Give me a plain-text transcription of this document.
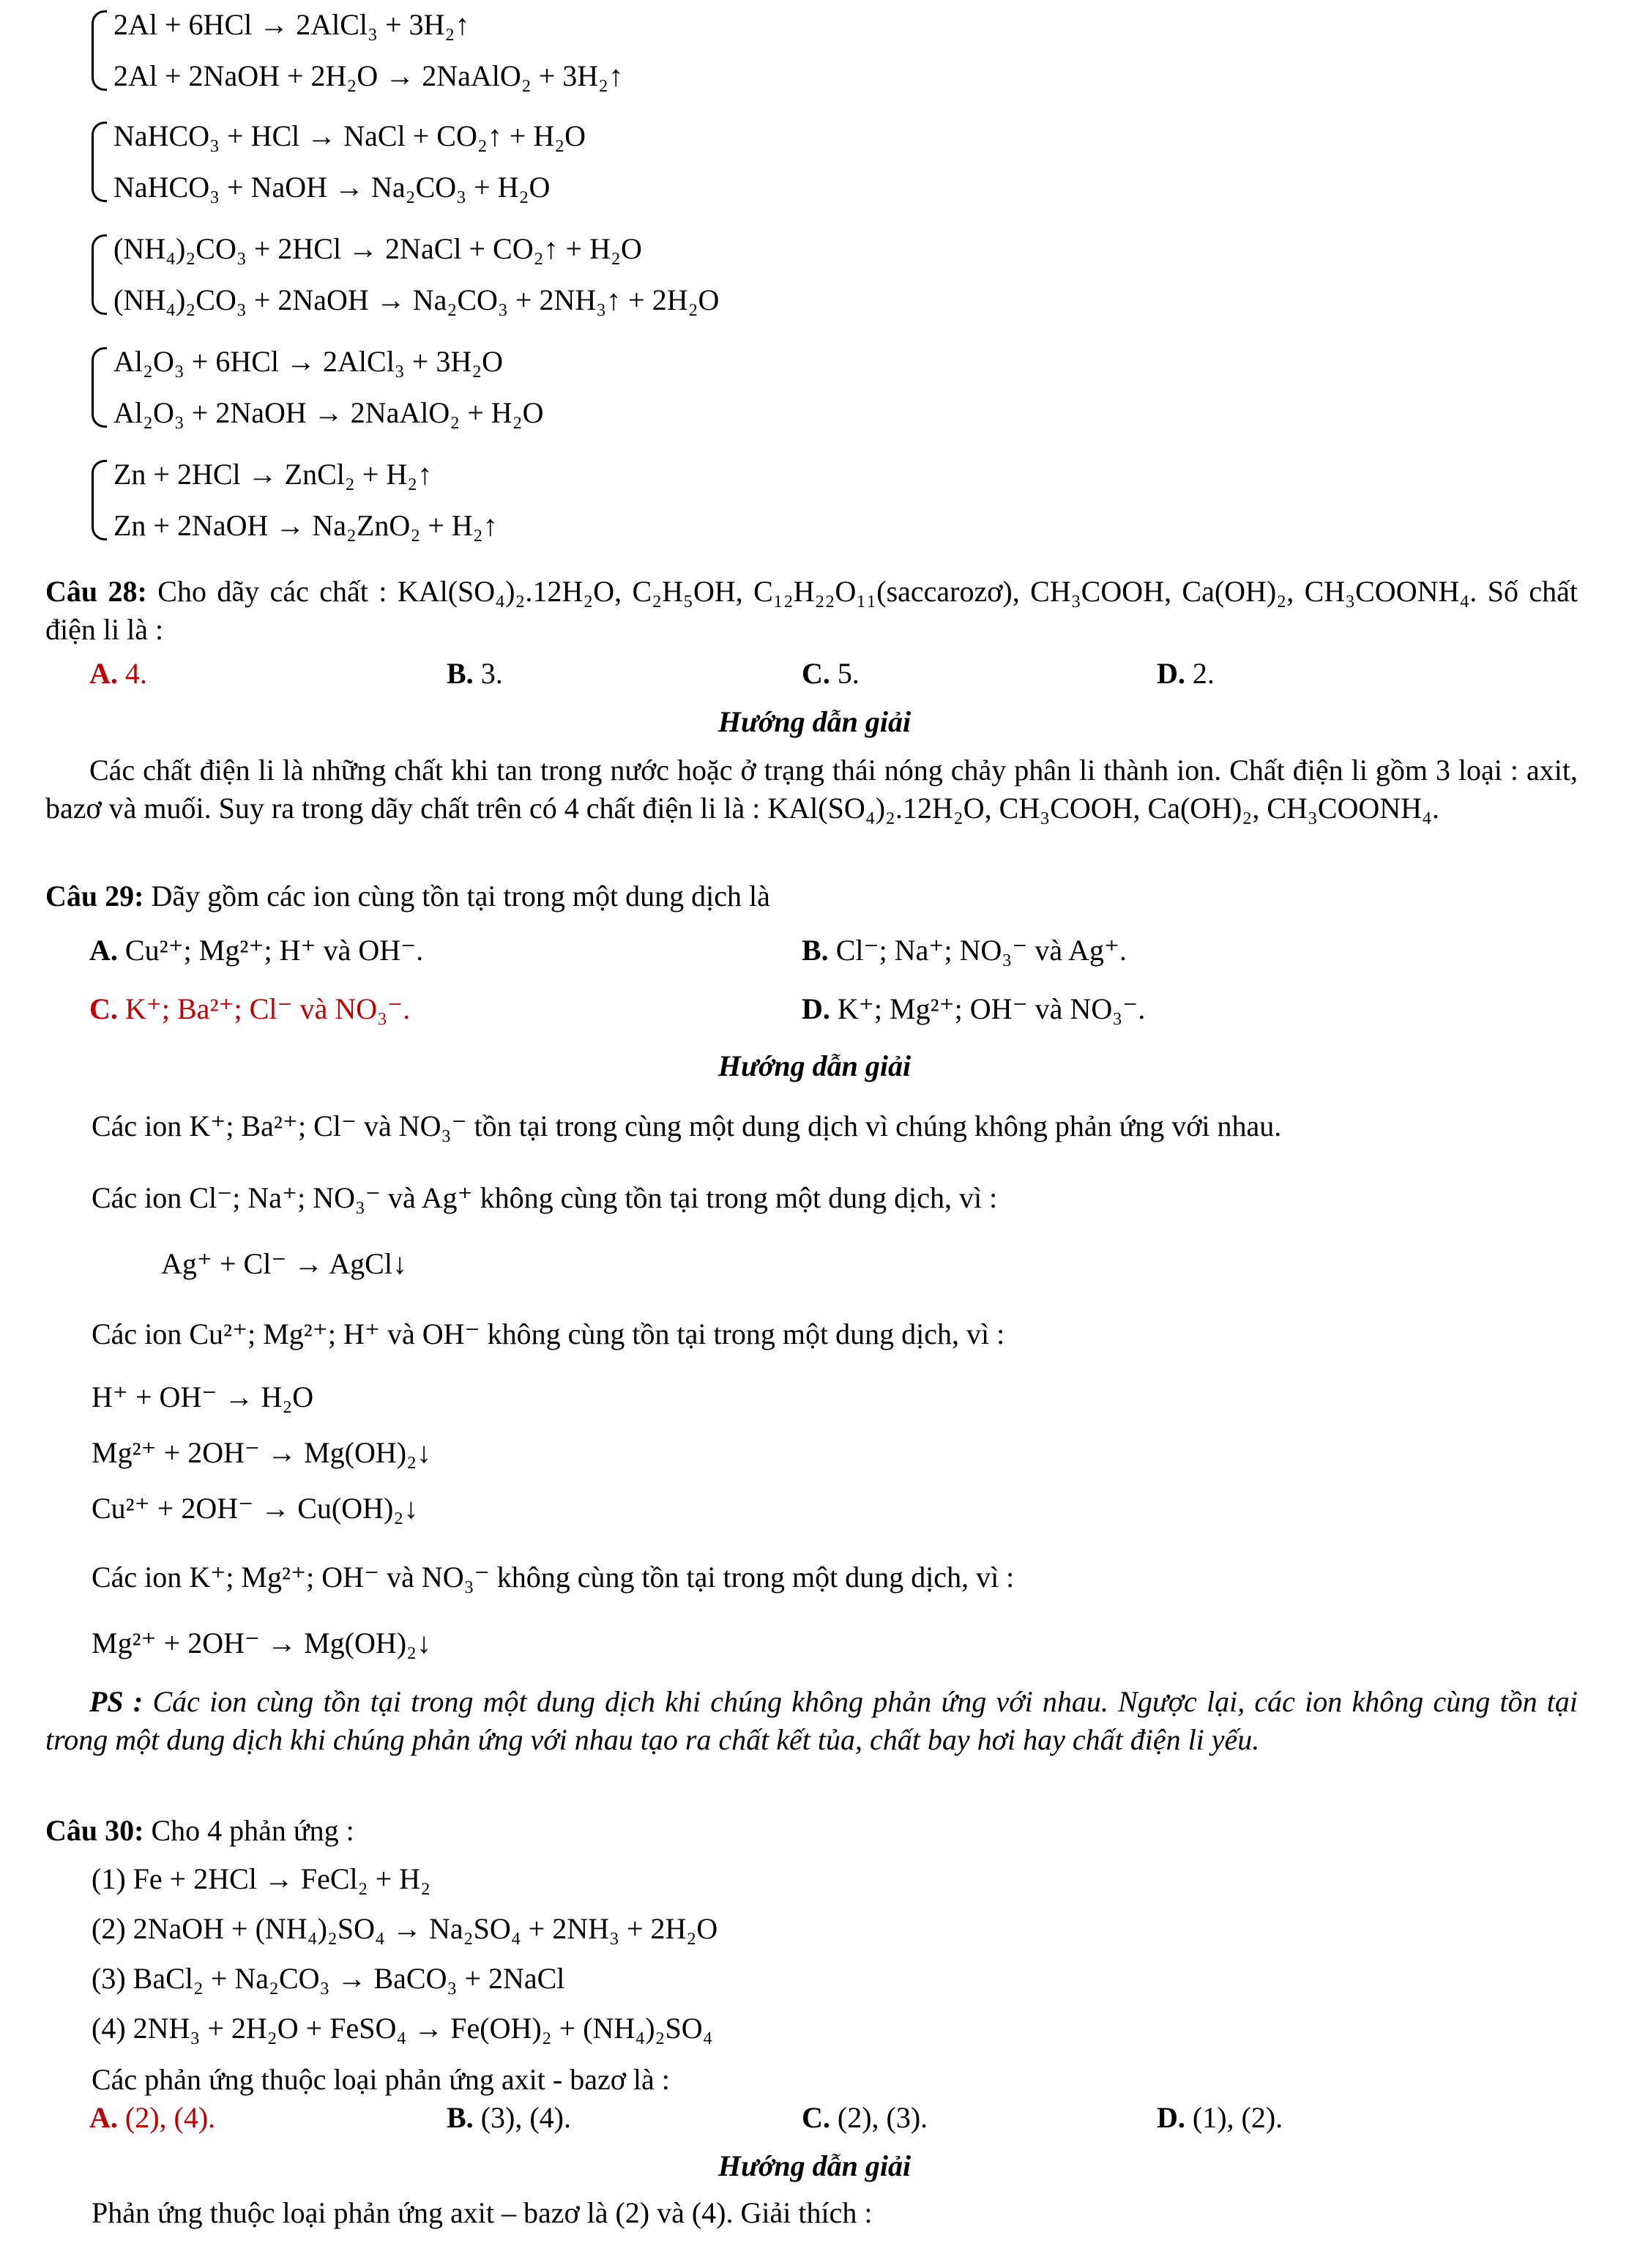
2Al + 6HCl → 2AlCl₃ + 3H₂↑

2Al + 2NaOH + 2H₂O → 2NaAlO₂ + 3H₂↑

NaHCO₃ + HCl → NaCl + CO₂↑ + H₂O

NaHCO₃ + NaOH → Na₂CO₃ + H₂O

(NH₄)₂CO₃ + 2HCl → 2NaCl + CO₂↑ + H₂O

(NH₄)₂CO₃ + 2NaOH → Na₂CO₃ + 2NH₃↑ + 2H₂O

Al₂O₃ + 6HCl → 2AlCl₃ + 3H₂O

Al₂O₃ + 2NaOH → 2NaAlO₂ + H₂O

Zn + 2HCl → ZnCl₂ + H₂↑

Zn + 2NaOH → Na₂ZnO₂ + H₂↑

Câu 28: Cho dãy các chất : KAl(SO₄)₂.12H₂O, C₂H₅OH, C₁₂H₂₂O₁₁(saccarozơ), CH₃COOH, Ca(OH)₂, CH₃COONH₄. Số chất điện li là :

A. 4.	B. 3.	C. 5.	D. 2.
Hướng dẫn giải

Các chất điện li là những chất khi tan trong nước hoặc ở trạng thái nóng chảy phân li thành ion. Chất điện li gồm 3 loại : axit, bazơ và muối. Suy ra trong dãy chất trên có 4 chất điện li là : KAl(SO₄)₂.12H₂O, CH₃COOH, Ca(OH)₂, CH₃COONH₄.

Câu 29: Dãy gồm các ion cùng tồn tại trong một dung dịch là

A. Cu²⁺; Mg²⁺; H⁺ và OH⁻.	B. Cl⁻; Na⁺; NO₃⁻ và Ag⁺.
C. K⁺; Ba²⁺; Cl⁻ và NO₃⁻.	D. K⁺; Mg²⁺; OH⁻ và NO₃⁻.
Hướng dẫn giải
Các ion K⁺; Ba²⁺; Cl⁻ và NO₃⁻ tồn tại trong cùng một dung dịch vì chúng không phản ứng với nhau.
Các ion Cl⁻; Na⁺; NO₃⁻ và Ag⁺ không cùng tồn tại trong một dung dịch, vì :
Ag⁺ + Cl⁻ → AgCl↓
Các ion Cu²⁺; Mg²⁺; H⁺ và OH⁻ không cùng tồn tại trong một dung dịch, vì :
H⁺ + OH⁻ → H₂O
Mg²⁺ + 2OH⁻ → Mg(OH)₂↓
Cu²⁺ + 2OH⁻ → Cu(OH)₂↓
Các ion K⁺; Mg²⁺; OH⁻ và NO₃⁻ không cùng tồn tại trong một dung dịch, vì :
Mg²⁺ + 2OH⁻ → Mg(OH)₂↓

PS : Các ion cùng tồn tại trong một dung dịch khi chúng không phản ứng với nhau. Ngược lại, các ion không cùng tồn tại trong một dung dịch khi chúng phản ứng với nhau tạo ra chất kết tủa, chất bay hơi hay chất điện li yếu.

Câu 30: Cho 4 phản ứng :

(1) Fe + 2HCl → FeCl₂ + H₂
(2) 2NaOH + (NH₄)₂SO₄ → Na₂SO₄ + 2NH₃ + 2H₂O
(3) BaCl₂ + Na₂CO₃ → BaCO₃ + 2NaCl
(4) 2NH₃ + 2H₂O + FeSO₄ → Fe(OH)₂ + (NH₄)₂SO₄
Các phản ứng thuộc loại phản ứng axit - bazơ là :
A. (2), (4).	B. (3), (4).	C. (2), (3).	D. (1), (2).
Hướng dẫn giải
Phản ứng thuộc loại phản ứng axit – bazơ là (2) và (4). Giải thích :
